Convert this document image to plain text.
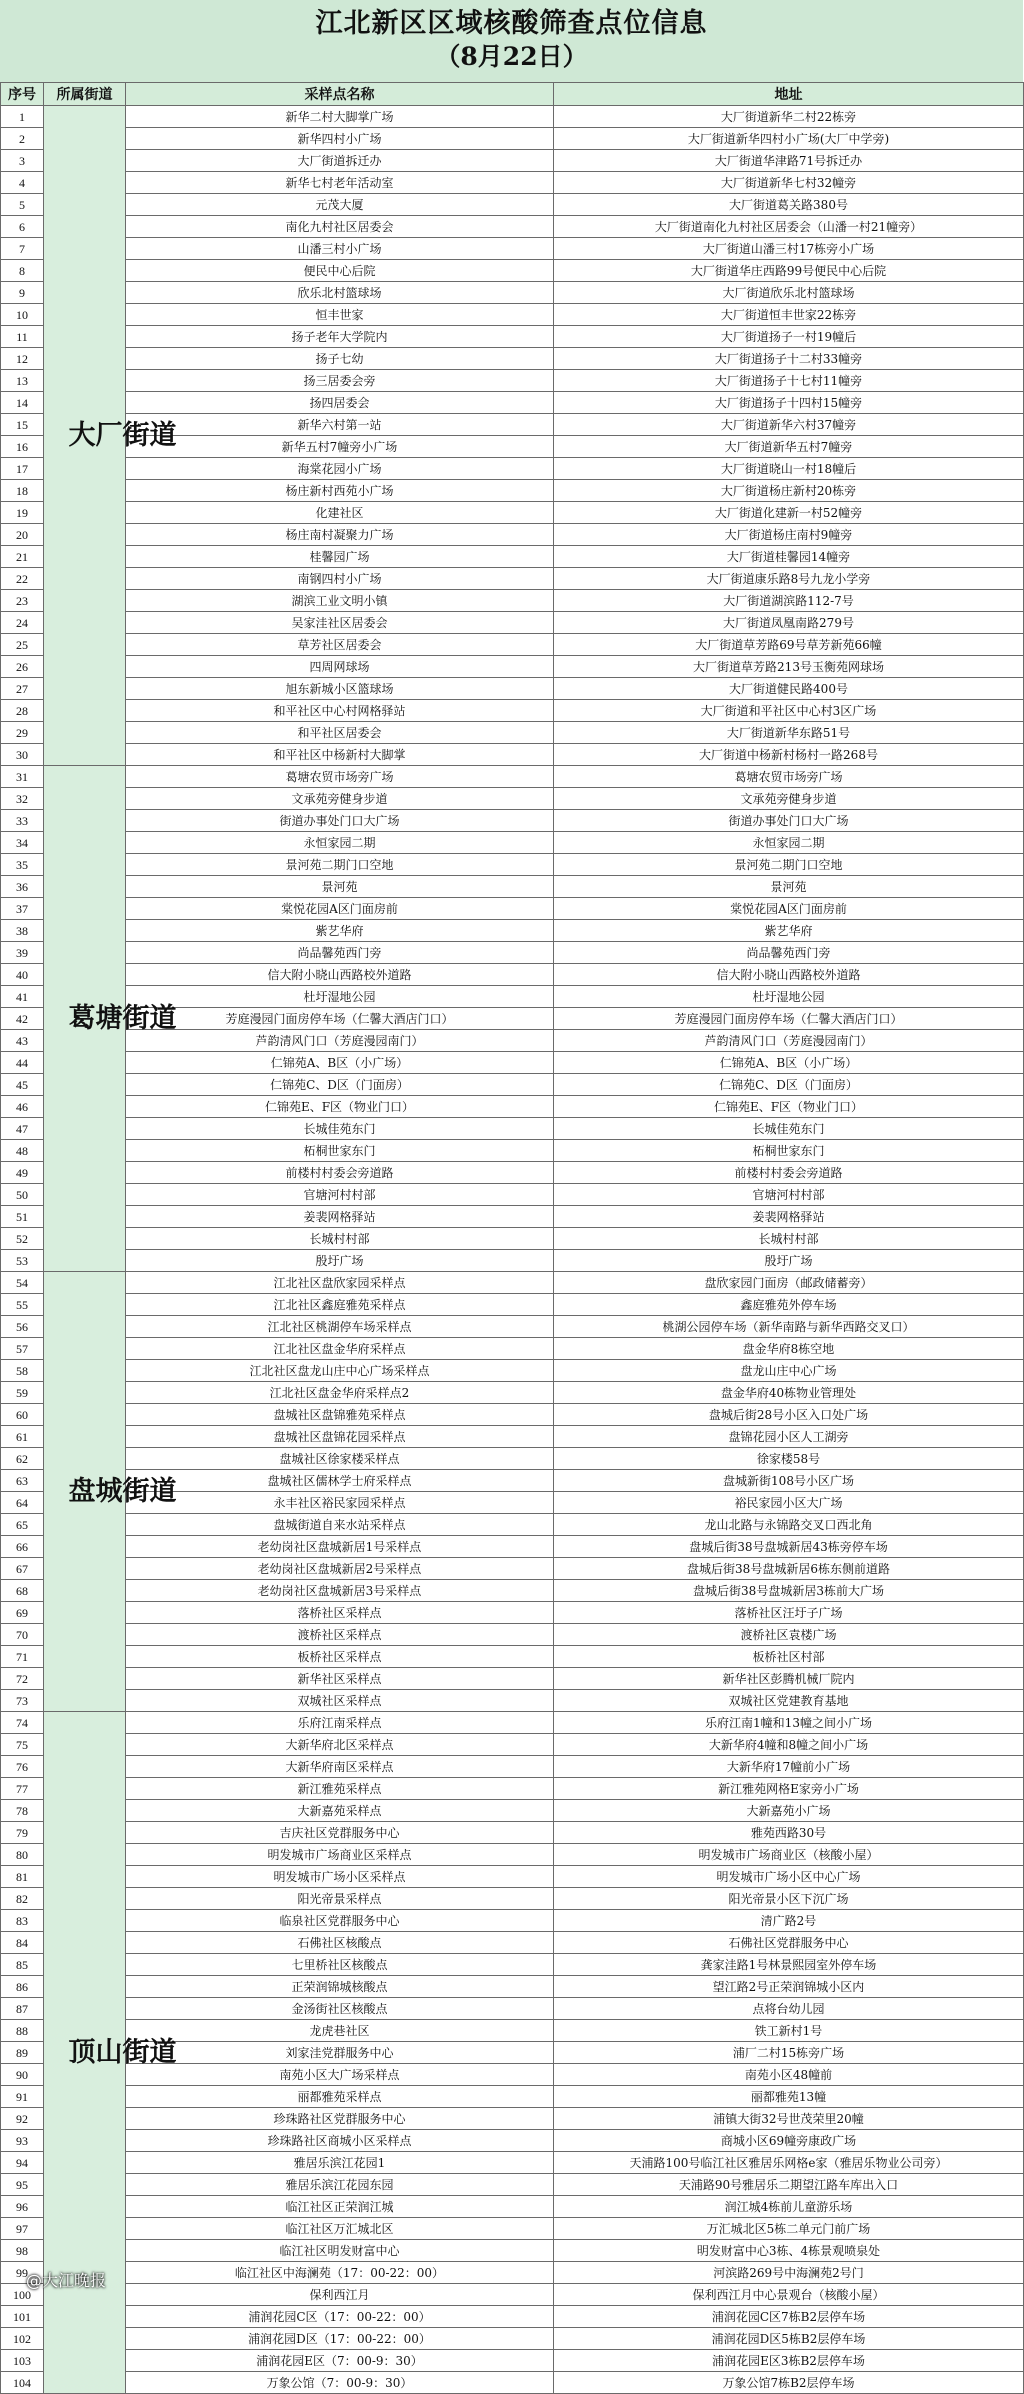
江北新区区域核酸筛查点位信息
（8月22日）
序号	所属街道	采样点名称	地址
1	大厂街道	新华二村大脚掌广场	大厂街道新华二村22栋旁
2		新华四村小广场	大厂街道新华四村小广场(大厂中学旁)
3		大厂街道拆迁办	大厂街道华津路71号拆迁办
4		新华七村老年活动室	大厂街道新华七村32幢旁
5		元茂大厦	大厂街道葛关路380号
6		南化九村社区居委会	大厂街道南化九村社区居委会（山潘一村21幢旁）
7		山潘三村小广场	大厂街道山潘三村17栋旁小广场
8		便民中心后院	大厂街道华庄西路99号便民中心后院
9		欣乐北村篮球场	大厂街道欣乐北村篮球场
10		恒丰世家	大厂街道恒丰世家22栋旁
11		扬子老年大学院内	大厂街道扬子一村19幢后
12		扬子七幼	大厂街道扬子十二村33幢旁
13		扬三居委会旁	大厂街道扬子十七村11幢旁
14		扬四居委会	大厂街道扬子十四村15幢旁
15		新华六村第一站	大厂街道新华六村37幢旁
16		新华五村7幢旁小广场	大厂街道新华五村7幢旁
17		海棠花园小广场	大厂街道晓山一村18幢后
18		杨庄新村西苑小广场	大厂街道杨庄新村20栋旁
19		化建社区	大厂街道化建新一村52幢旁
20		杨庄南村凝聚力广场	大厂街道杨庄南村9幢旁
21		桂馨园广场	大厂街道桂馨园14幢旁
22		南钢四村小广场	大厂街道康乐路8号九龙小学旁
23		湖滨工业文明小镇	大厂街道湖滨路112-7号
24		吴家洼社区居委会	大厂街道凤凰南路279号
25		草芳社区居委会	大厂街道草芳路69号草芳新苑66幢
26		四周网球场	大厂街道草芳路213号玉衡苑网球场
27		旭东新城小区篮球场	大厂街道健民路400号
28		和平社区中心村网格驿站	大厂街道和平社区中心村3区广场
29		和平社区居委会	大厂街道新华东路51号
30		和平社区中杨新村大脚掌	大厂街道中杨新村杨村一路268号
31	葛塘街道	葛塘农贸市场旁广场	葛塘农贸市场旁广场
32		文承苑旁健身步道	文承苑旁健身步道
33		街道办事处门口大广场	街道办事处门口大广场
34		永恒家园二期	永恒家园二期
35		景河苑二期门口空地	景河苑二期门口空地
36		景河苑	景河苑
37		棠悦花园A区门面房前	棠悦花园A区门面房前
38		紫艺华府	紫艺华府
39		尚品馨苑西门旁	尚品馨苑西门旁
40		信大附小晓山西路校外道路	信大附小晓山西路校外道路
41		杜圩湿地公园	杜圩湿地公园
42		芳庭漫园门面房停车场（仁馨大酒店门口）	芳庭漫园门面房停车场（仁馨大酒店门口）
43		芦韵清风门口（芳庭漫园南门）	芦韵清风门口（芳庭漫园南门）
44		仁锦苑A、B区（小广场）	仁锦苑A、B区（小广场）
45		仁锦苑C、D区（门面房）	仁锦苑C、D区（门面房）
46		仁锦苑E、F区（物业门口）	仁锦苑E、F区（物业门口）
47		长城佳苑东门	长城佳苑东门
48		柘桐世家东门	柘桐世家东门
49		前楼村村委会旁道路	前楼村村委会旁道路
50		官塘河村村部	官塘河村村部
51		姜裴网格驿站	姜裴网格驿站
52		长城村村部	长城村村部
53		殷圩广场	殷圩广场
54	盘城街道	江北社区盘欣家园采样点	盘欣家园门面房（邮政储蓄旁）
55		江北社区鑫庭雅苑采样点	鑫庭雅苑外停车场
56		江北社区桃湖停车场采样点	桃湖公园停车场（新华南路与新华西路交叉口）
57		江北社区盘金华府采样点	盘金华府8栋空地
58		江北社区盘龙山庄中心广场采样点	盘龙山庄中心广场
59		江北社区盘金华府采样点2	盘金华府40栋物业管理处
60		盘城社区盘锦雅苑采样点	盘城后街28号小区入口处广场
61		盘城社区盘锦花园采样点	盘锦花园小区人工湖旁
62		盘城社区徐家楼采样点	徐家楼58号
63		盘城社区儒林学士府采样点	盘城新街108号小区广场
64		永丰社区裕民家园采样点	裕民家园小区大广场
65		盘城街道自来水站采样点	龙山北路与永锦路交叉口西北角
66		老幼岗社区盘城新居1号采样点	盘城后街38号盘城新居43栋旁停车场
67		老幼岗社区盘城新居2号采样点	盘城后街38号盘城新居6栋东侧前道路
68		老幼岗社区盘城新居3号采样点	盘城后街38号盘城新居3栋前大广场
69		落桥社区采样点	落桥社区汪圩子广场
70		渡桥社区采样点	渡桥社区袁楼广场
71		板桥社区采样点	板桥社区村部
72		新华社区采样点	新华社区彭腾机械厂院内
73		双城社区采样点	双城社区党建教育基地
74	顶山街道	乐府江南采样点	乐府江南1幢和13幢之间小广场
75		大新华府北区采样点	大新华府4幢和8幢之间小广场
76		大新华府南区采样点	大新华府17幢前小广场
77		新江雅苑采样点	新江雅苑网格E家旁小广场
78		大新嘉苑采样点	大新嘉苑小广场
79		吉庆社区党群服务中心	雅苑西路30号
80		明发城市广场商业区采样点	明发城市广场商业区（核酸小屋）
81		明发城市广场小区采样点	明发城市广场小区中心广场
82		阳光帝景采样点	阳光帝景小区下沉广场
83		临泉社区党群服务中心	清广路2号
84		石佛社区核酸点	石佛社区党群服务中心
85		七里桥社区核酸点	龚家洼路1号林景熙园室外停车场
86		正荣润锦城核酸点	望江路2号正荣润锦城小区内
87		金汤街社区核酸点	点将台幼儿园
88		龙虎巷社区	铁工新村1号
89		刘家洼党群服务中心	浦厂二村15栋旁广场
90		南苑小区大广场采样点	南苑小区48幢前
91		丽都雅苑采样点	丽都雅苑13幢
92		珍珠路社区党群服务中心	浦镇大街32号世茂荣里20幢
93		珍珠路社区商城小区采样点	商城小区69幢旁康政广场
94		雅居乐滨江花园1	天浦路100号临江社区雅居乐网格e家（雅居乐物业公司旁）
95		雅居乐滨江花园东园	天浦路90号雅居乐二期望江路车库出入口
96		临江社区正荣润江城	润江城4栋前儿童游乐场
97		临江社区万汇城北区	万汇城北区5栋二单元门前广场
98		临江社区明发财富中心	明发财富中心3栋、4栋景观喷泉处
99		临江社区中海澜苑（17：00-22：00）	河滨路269号中海澜苑2号门
100		保利西江月	保利西江月中心景观台（核酸小屋）
101		浦润花园C区（17：00-22：00）	浦润花园C区7栋B2层停车场
102		浦润花园D区（17：00-22：00）	浦润花园D区5栋B2层停车场
103		浦润花园E区（7：00-9：30）	浦润花园E区3栋B2层停车场
104		万象公馆（7：00-9：30）	万象公馆7栋B2层停车场
@大江晚报
